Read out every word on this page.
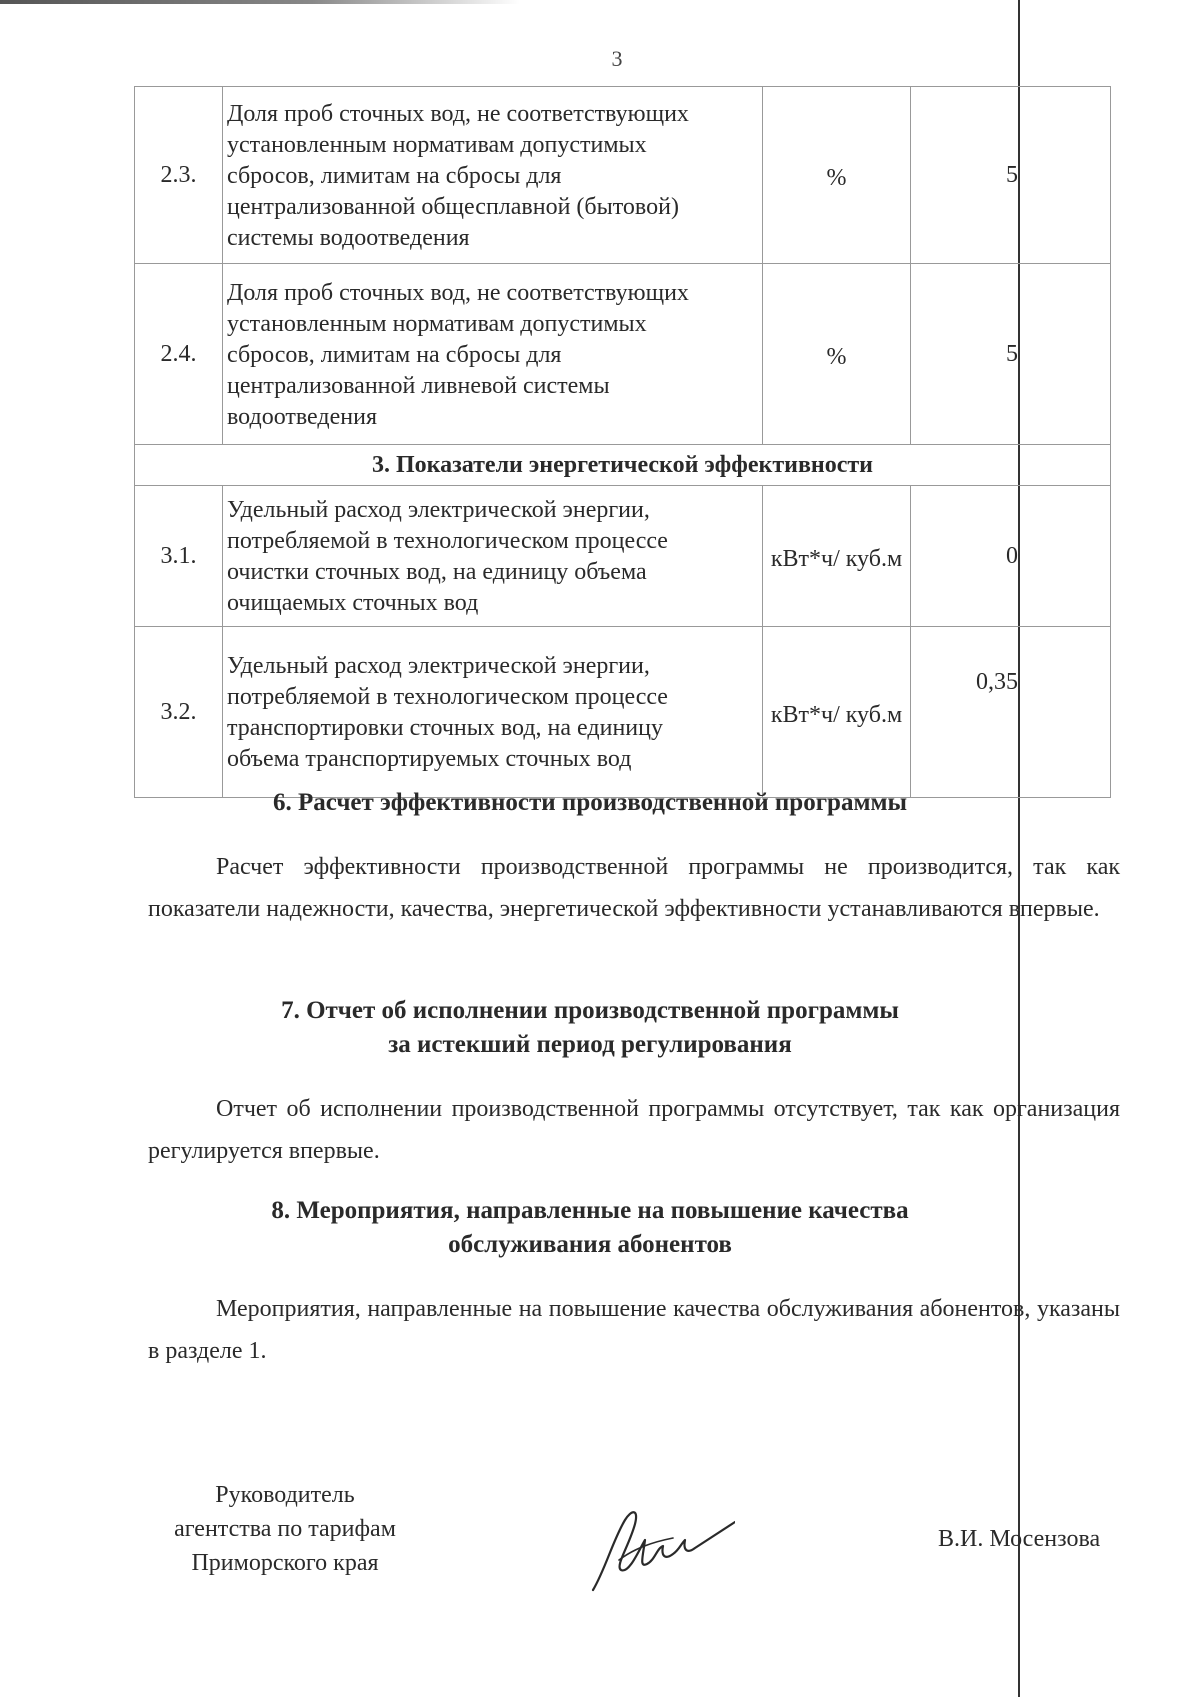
3
2.3.	Доля проб сточных вод, не соответствующих
установленным нормативам допустимых
сбросов, лимитам на сбросы для
централизованной общесплавной (бытовой)
системы водоотведения	%	5
2.4.	Доля проб сточных вод, не соответствующих
установленным нормативам допустимых
сбросов, лимитам на сбросы для
централизованной ливневой системы
водоотведения	%	5
3. Показатели энергетической эффективности			
3.1.	Удельный расход электрической энергии,
потребляемой в технологическом процессе
очистки сточных вод, на единицу объема
очищаемых сточных вод	кВт*ч/ куб.м	0
3.2.	Удельный расход электрической энергии,
потребляемой в технологическом процессе
транспортировки сточных вод, на единицу
объема транспортируемых сточных вод	кВт*ч/ куб.м	0,35
6. Расчет эффективности производственной программы

Расчет эффективности производственной программы не производится, так как показатели надежности, качества, энергетической эффективности устанавливаются впервые.

7. Отчет об исполнении производственной программы
за истекший период регулирования

Отчет об исполнении производственной программы отсутствует, так как организация регулируется впервые.

8. Мероприятия, направленные на повышение качества
обслуживания абонентов

Мероприятия, направленные на повышение качества обслуживания абонентов, указаны в разделе 1.

Руководитель
агентства по тарифам
Приморского края
В.И. Мосензова
